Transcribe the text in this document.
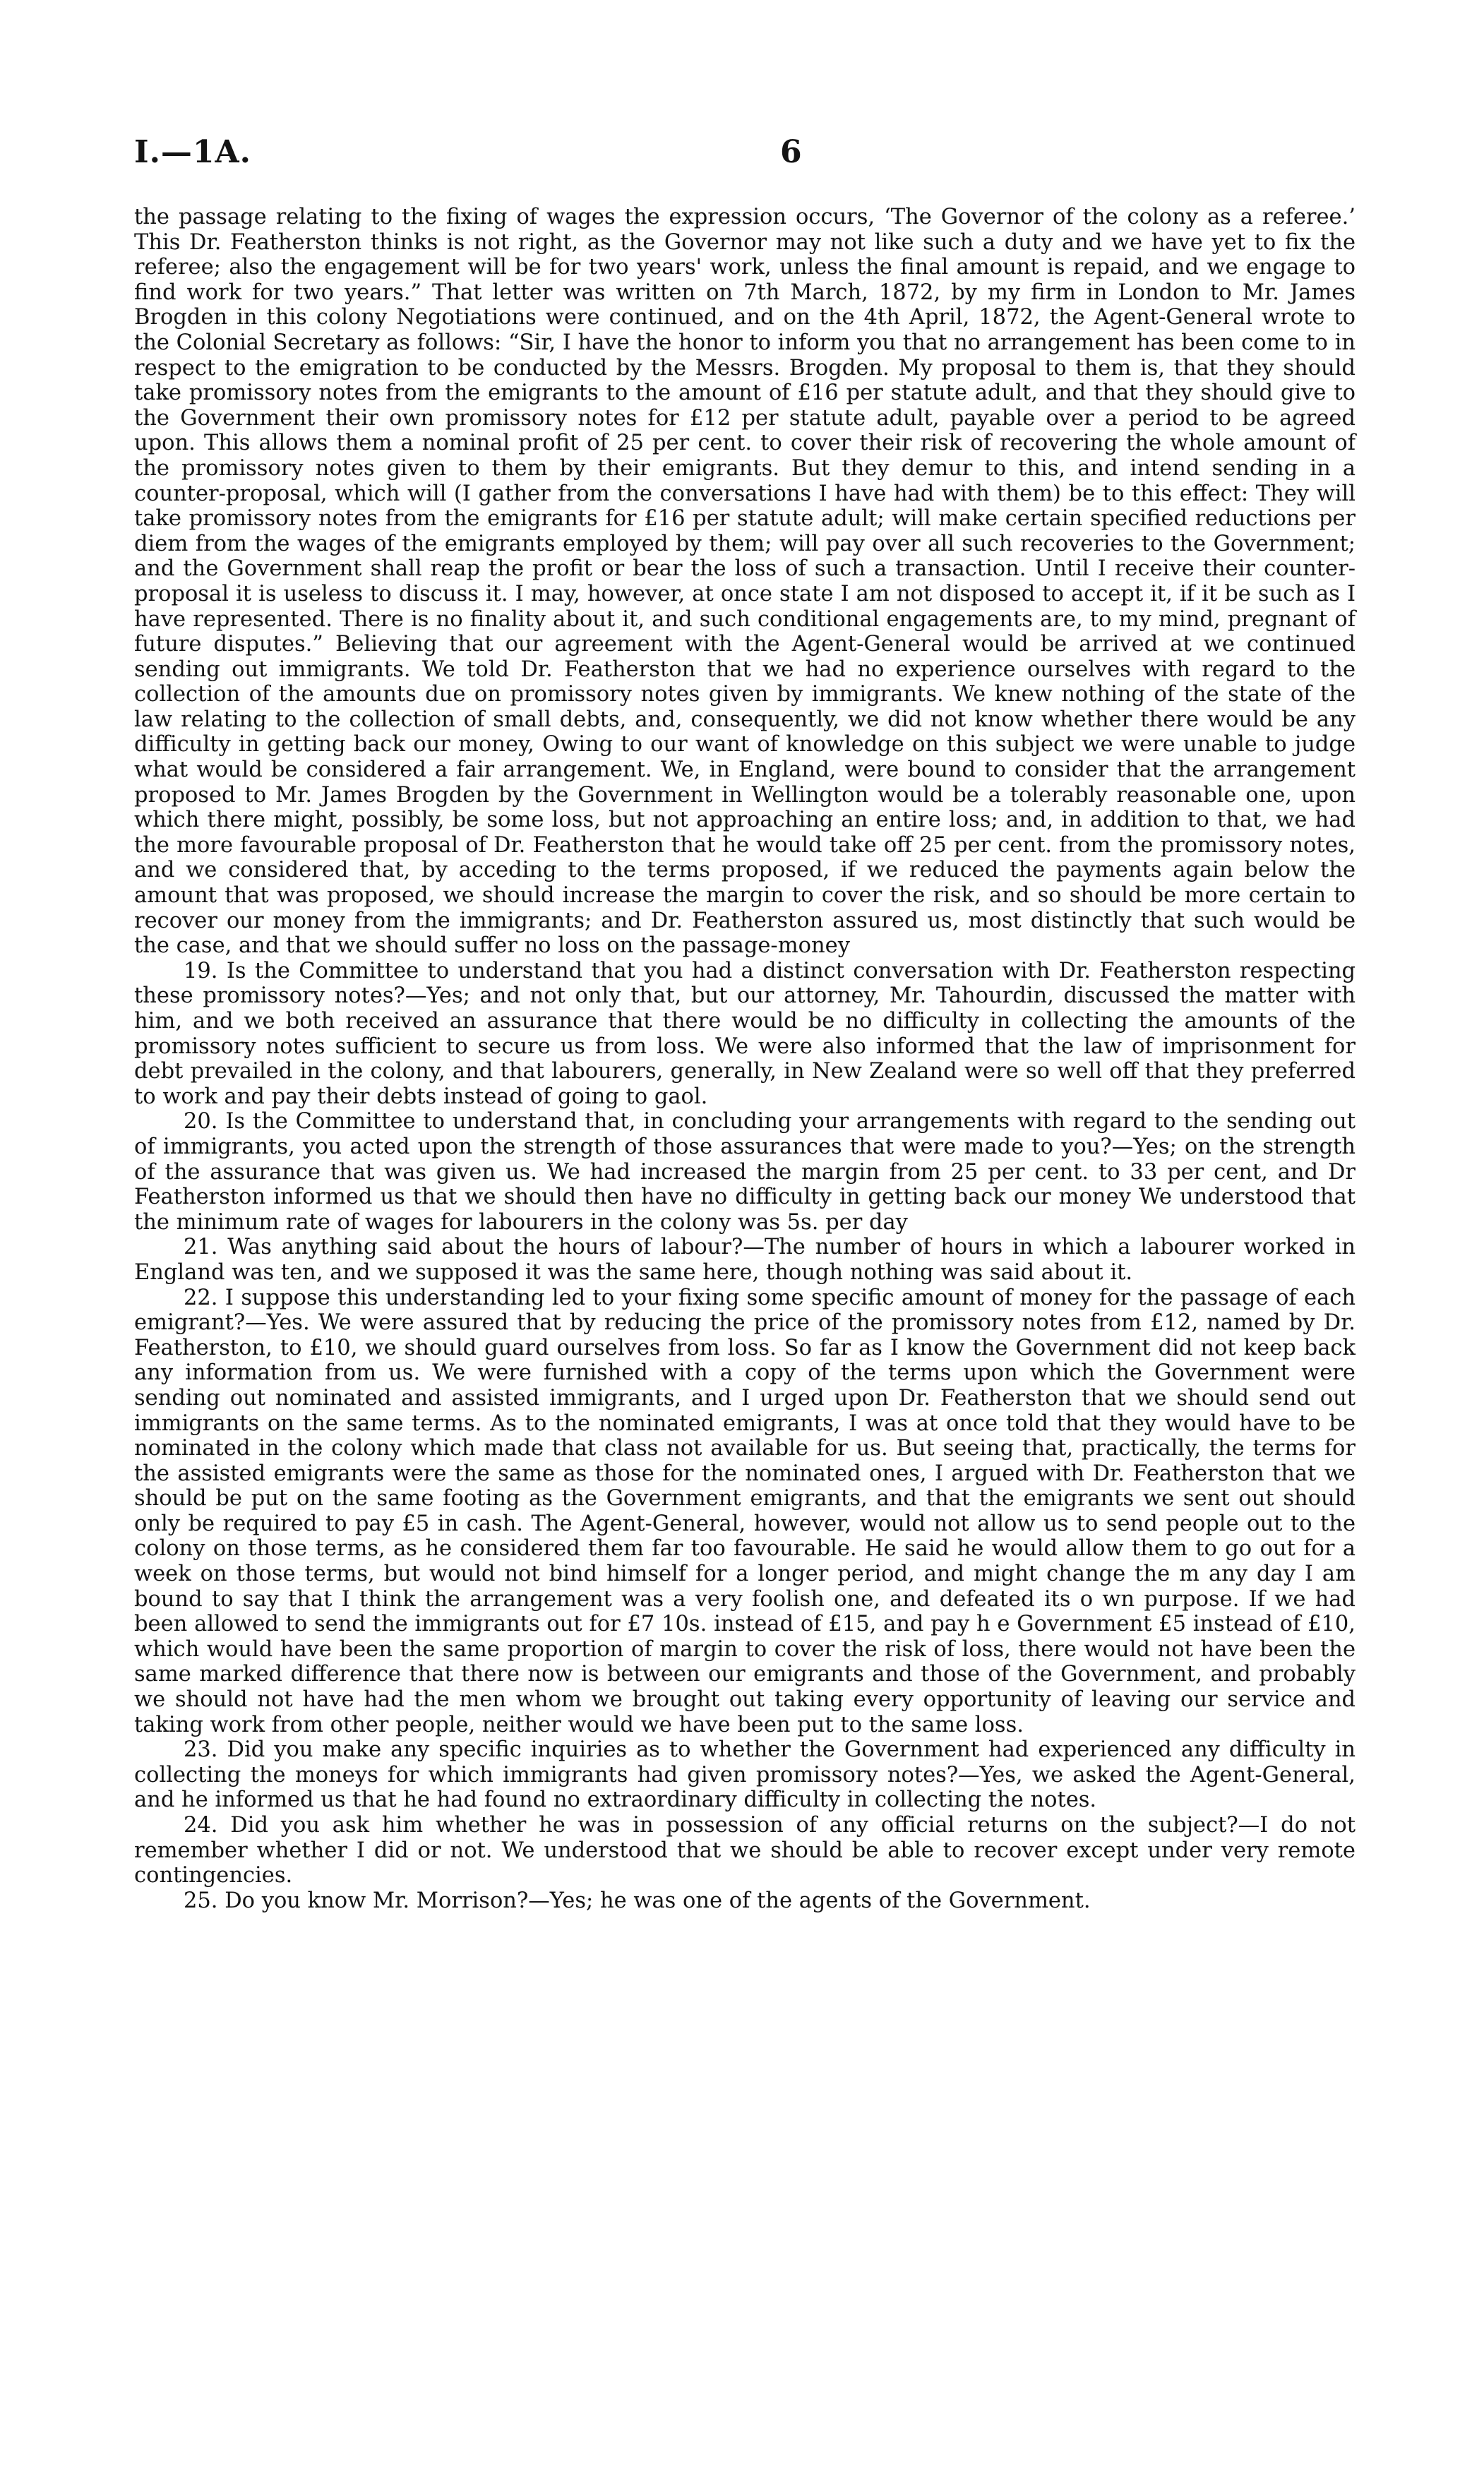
I.—1A.	6

the passage relating to the fixing of wages the expression occurs, ‘The Governor of the colony as a referee.’ This Dr. Featherston thinks is not right, as the Governor may not like such a duty and we have yet to fix the referee; also the engagement will be for two years' work, unless the final amount is repaid, and we engage to find work for two years.” That letter was written on 7th March, 1872, by my firm in London to Mr. James Brogden in this colony Negotiations were continued, and on the 4th April, 1872, the Agent-General wrote to the Colonial Secretary as follows: “Sir, I have the honor to inform you that no arrangement has been come to in respect to the emigration to be conducted by the Messrs. Brogden. My proposal to them is, that they should take promissory notes from the emigrants to the amount of £16 per statute adult, and that they should give to the Government their own promissory notes for £12 per statute adult, payable over a period to be agreed upon. This allows them a nominal profit of 25 per cent. to cover their risk of recovering the whole amount of the promissory notes given to them by their emigrants. But they demur to this, and intend sending in a counter-proposal, which will (I gather from the conversations I have had with them) be to this effect: They will take promissory notes from the emigrants for £16 per statute adult; will make certain specified reductions per diem from the wages of the emigrants employed by them; will pay over all such recoveries to the Government; and the Government shall reap the profit or bear the loss of such a transaction. Until I receive their counter-proposal it is useless to discuss it. I may, however, at once state I am not disposed to accept it, if it be such as I have represented. There is no finality about it, and such conditional engagements are, to my mind, pregnant of future disputes.” Believing that our agreement with the Agent-General would be arrived at we continued sending out immigrants. We told Dr. Featherston that we had no experience ourselves with regard to the collection of the amounts due on promissory notes given by immigrants. We knew nothing of the state of the law relating to the collection of small debts, and, consequently, we did not know whether there would be any difficulty in getting back our money, Owing to our want of knowledge on this subject we were unable to judge what would be considered a fair arrangement. We, in England, were bound to consider that the arrangement proposed to Mr. James Brogden by the Government in Wellington would be a tolerably reasonable one, upon which there might, possibly, be some loss, but not approaching an entire loss; and, in addition to that, we had the more favourable proposal of Dr. Featherston that he would take off 25 per cent. from the promissory notes, and we considered that, by acceding to the terms proposed, if we reduced the payments again below the amount that was proposed, we should increase the margin to cover the risk, and so should be more certain to recover our money from the immigrants; and Dr. Featherston assured us, most distinctly that such would be the case, and that we should suffer no loss on the passage-money

19. Is the Committee to understand that you had a distinct conversation with Dr. Featherston respecting these promissory notes?—Yes; and not only that, but our attorney, Mr. Tahourdin, discussed the matter with him, and we both received an assurance that there would be no difficulty in collecting the amounts of the promissory notes sufficient to secure us from loss. We were also informed that the law of imprisonment for debt prevailed in the colony, and that labourers, generally, in New Zealand were so well off that they preferred to work and pay their debts instead of going to gaol.

20. Is the Committee to understand that, in concluding your arrangements with regard to the sending out of immigrants, you acted upon the strength of those assurances that were made to you?—Yes; on the strength of the assurance that was given us. We had increased the margin from 25 per cent. to 33 per cent, and Dr Featherston informed us that we should then have no difficulty in getting back our money We understood that the minimum rate of wages for labourers in the colony was 5s. per day

21. Was anything said about the hours of labour?—The number of hours in which a labourer worked in England was ten, and we supposed it was the same here, though nothing was said about it.

22. I suppose this understanding led to your fixing some specific amount of money for the passage of each emigrant?—Yes. We were assured that by reducing the price of the promissory notes from £12, named by Dr. Featherston, to £10, we should guard ourselves from loss. So far as I know the Government did not keep back any information from us. We were furnished with a copy of the terms upon which the Government were sending out nominated and assisted immigrants, and I urged upon Dr. Featherston that we should send out immigrants on the same terms. As to the nominated emigrants, I was at once told that they would have to be nominated in the colony which made that class not available for us. But seeing that, practically, the terms for the assisted emigrants were the same as those for the nominated ones, I argued with Dr. Featherston that we should be put on the same footing as the Government emigrants, and that the emigrants we sent out should only be required to pay £5 in cash. The Agent-General, however, would not allow us to send people out to the colony on those terms, as he considered them far too favourable. He said he would allow them to go out for a week on those terms, but would not bind himself for a longer period, and might change the m any day I am bound to say that I think the arrangement was a very foolish one, and defeated its o wn purpose. If we had been allowed to send the immigrants out for £7 10s. instead of £15, and pay h e Government £5 instead of £10, which would have been the same proportion of margin to cover the risk of loss, there would not have been the same marked difference that there now is between our emigrants and those of the Government, and probably we should not have had the men whom we brought out taking every opportunity of leaving our service and taking work from other people, neither would we have been put to the same loss.

23. Did you make any specific inquiries as to whether the Government had experienced any difficulty in collecting the moneys for which immigrants had given promissory notes?—Yes, we asked the Agent-General, and he informed us that he had found no extraordinary difficulty in collecting the notes.

24. Did you ask him whether he was in possession of any official returns on the subject?—I do not remember whether I did or not. We understood that we should be able to recover except under very remote contingencies.

25. Do you know Mr. Morrison?—Yes; he was one of the agents of the Government.
